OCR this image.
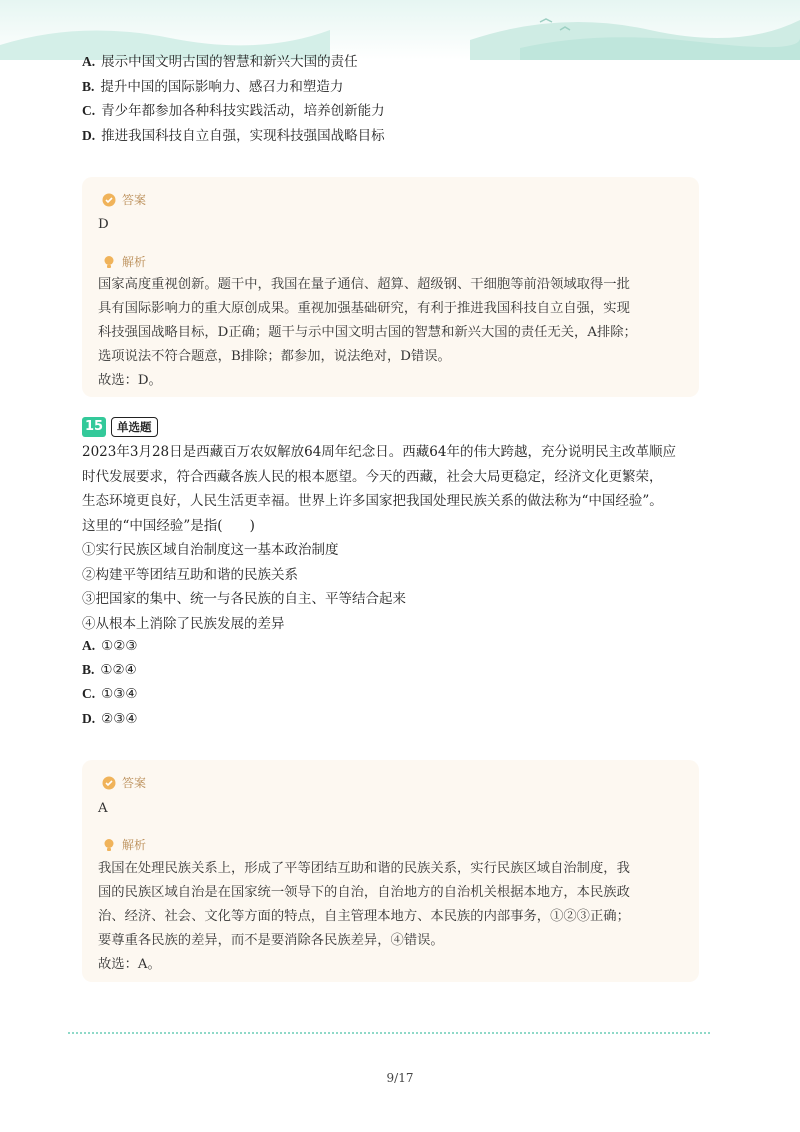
A. 展示中国文明古国的智慧和新兴大国的责任
B. 提升中国的国际影响力、感召力和塑造力
C. 青少年都参加各种科技实践活动，培养创新能力
D. 推进我国科技自立自强，实现科技强国战略目标
答案
D
解析
国家高度重视创新。题干中，我国在量子通信、超算、超级钢、干细胞等前沿领域取得一批
具有国际影响力的重大原创成果。重视加强基础研究，有利于推进我国科技自立自强，实现
科技强国战略目标，D正确；题干与示中国文明古国的智慧和新兴大国的责任无关，A排除；
选项说法不符合题意，B排除；都参加，说法绝对，D错误。
故选：D。
15	单选题
2023年3月28日是西藏百万农奴解放64周年纪念日。西藏64年的伟大跨越，充分说明民主改革顺应
时代发展要求，符合西藏各族人民的根本愿望。今天的西藏，社会大局更稳定，经济文化更繁荣，
生态环境更良好，人民生活更幸福。世界上许多国家把我国处理民族关系的做法称为“中国经验”。
这里的“中国经验”是指(　　)
①实行民族区域自治制度这一基本政治制度
②构建平等团结互助和谐的民族关系
③把国家的集中、统一与各民族的自主、平等结合起来
④从根本上消除了民族发展的差异
A. ①②③
B. ①②④
C. ①③④
D. ②③④
答案
A
解析
我国在处理民族关系上，形成了平等团结互助和谐的民族关系，实行民族区域自治制度，我
国的民族区域自治是在国家统一领导下的自治，自治地方的自治机关根据本地方，本民族政
治、经济、社会、文化等方面的特点，自主管理本地方、本民族的内部事务，①②③正确；
要尊重各民族的差异，而不是要消除各民族差异，④错误。
故选：A。
9/17
